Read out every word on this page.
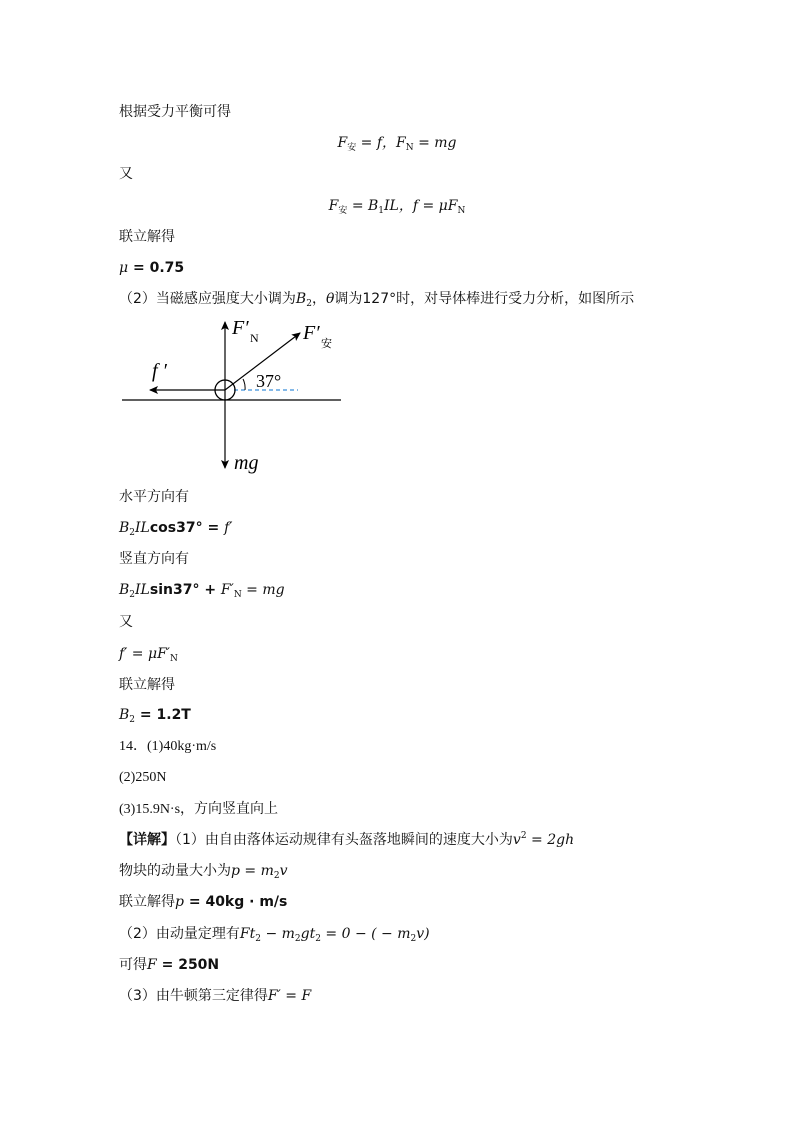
根据受力平衡可得
$F_安 = f$，$F_N$ = mg
又
$F_安 = B_1IL$，$f = \mu F_N$
联立解得
μ = 0.75
（2）当磁感应强度大小调为$B_2$，θ调为127°时，对导体棒进行受力分析，如图所示
F′ N F′ 安
f ′	37°
mg
水平方向有
$B_2ILcos37^\circ = f'$
竖直方向有
$B_2ILsin37^\circ + F'_N$ = mg
又
$f' = \mu F'_N$
联立解得
$B_2 = 1.2T$
14．(1)40kg·m/s
(2)250N
(3)15.9N·s，方向竖直向上
【详解】（1）由自由落体运动规律有头盔落地瞬间的速度大小为$v^2 = 2gh$
物块的动量大小为$p = m_2v$
联立解得p = 40kg · m/s
（2）由动量定理有$Ft_2 - m_2gt_2 = 0$ − ( − $m_2v$)
可得F = 250N
（3）由牛顿第三定律得F′ = F
